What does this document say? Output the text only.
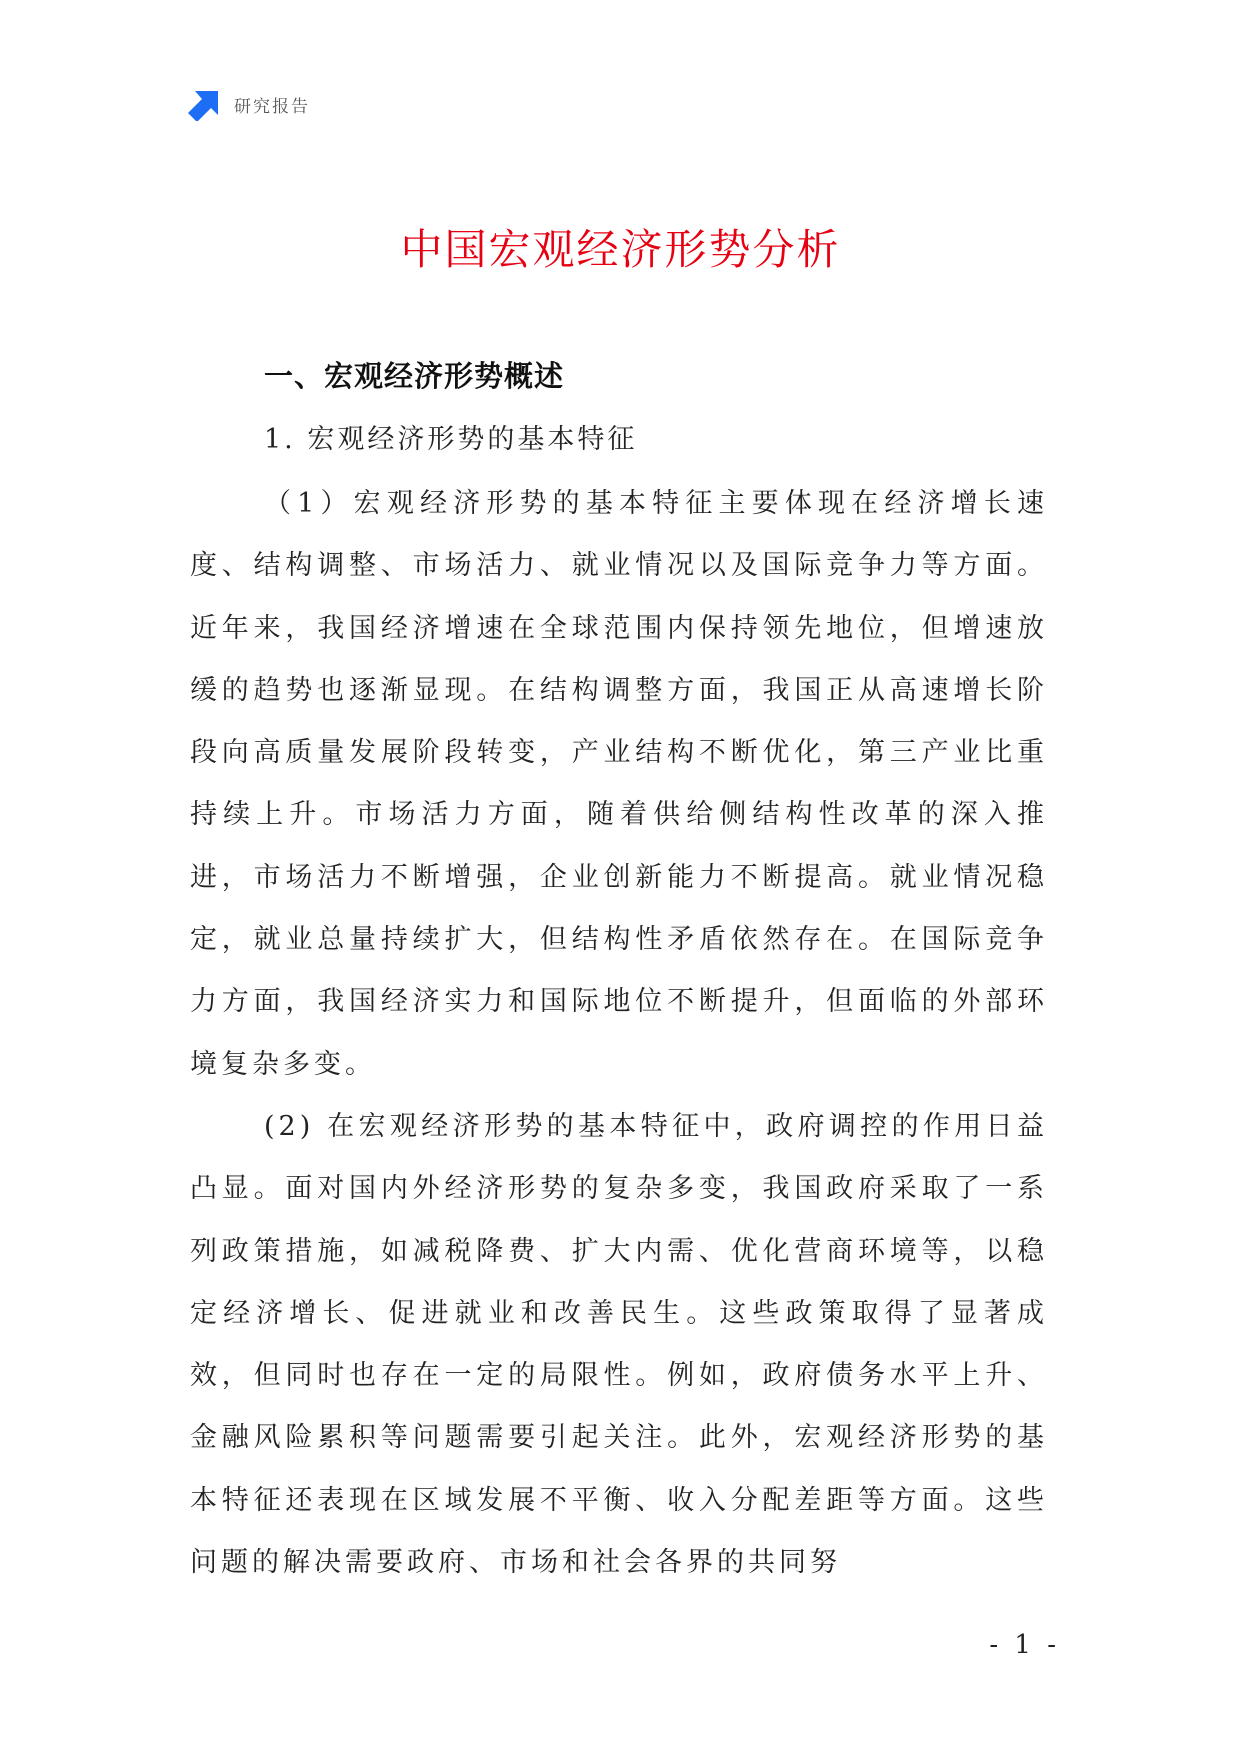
研究报告
中国宏观经济形势分析
一、宏观经济形势概述
1. 宏观经济形势的基本特征

（1）宏观经济形势的基本特征主要体现在经济增长速度、结构调整、市场活力、就业情况以及国际竞争力等方面。近年来，我国经济增速在全球范围内保持领先地位，但增速放缓的趋势也逐渐显现。在结构调整方面，我国正从高速增长阶段向高质量发展阶段转变，产业结构不断优化，第三产业比重持续上升。市场活力方面，随着供给侧结构性改革的深入推进，市场活力不断增强，企业创新能力不断提高。就业情况稳定，就业总量持续扩大，但结构性矛盾依然存在。在国际竞争力方面，我国经济实力和国际地位不断提升，但面临的外部环境复杂多变。

(2) 在宏观经济形势的基本特征中，政府调控的作用日益凸显。面对国内外经济形势的复杂多变，我国政府采取了一系列政策措施，如减税降费、扩大内需、优化营商环境等，以稳定经济增长、促进就业和改善民生。这些政策取得了显著成效，但同时也存在一定的局限性。例如，政府债务水平上升、金融风险累积等问题需要引起关注。此外，宏观经济形势的基本特征还表现在区域发展不平衡、收入分配差距等方面。这些问题的解决需要政府、市场和社会各界的共同努

- 1 -
